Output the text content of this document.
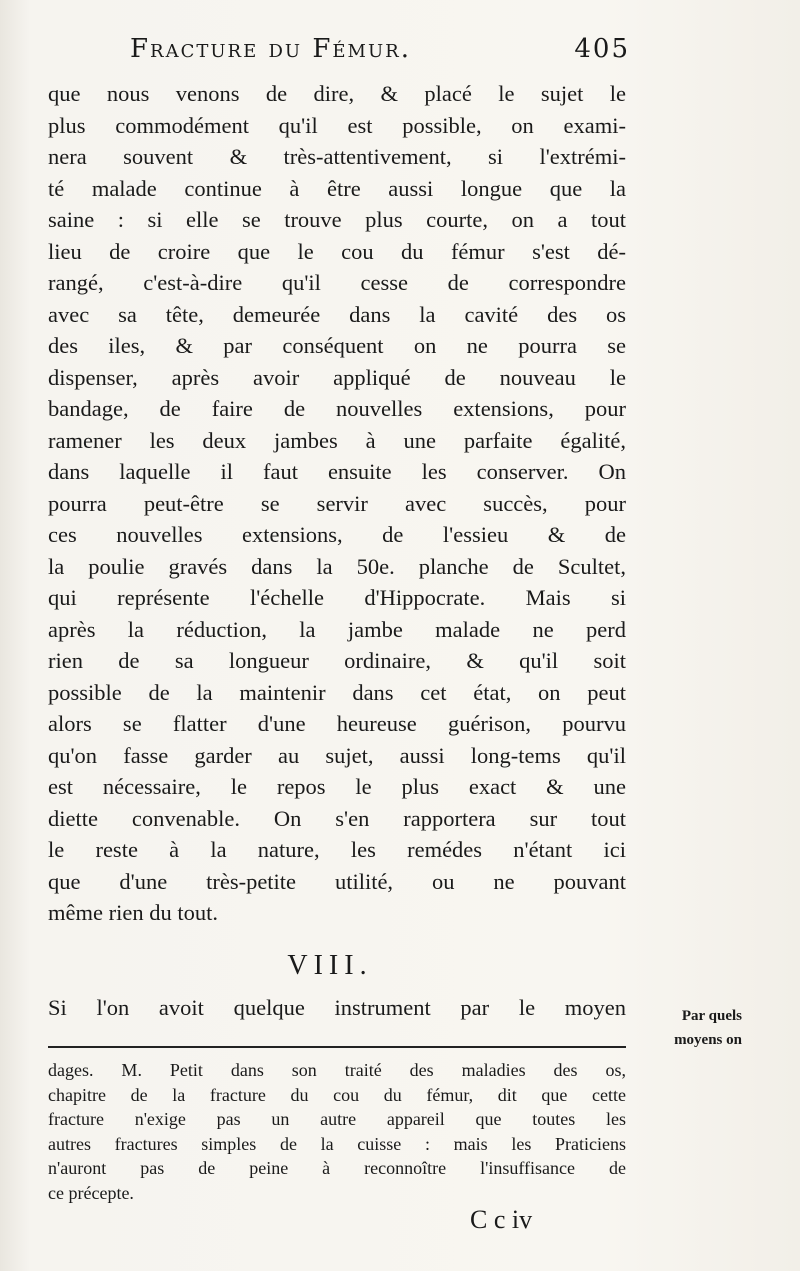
Fracture du Fémur.	405
que nous venons de dire, & placé le sujet le
plus commodément qu'il est possible, on exami-
nera souvent & très-attentivement, si l'extrémi-
té malade continue à être aussi longue que la
saine : si elle se trouve plus courte, on a tout
lieu de croire que le cou du fémur s'est dé-
rangé, c'est-à-dire qu'il cesse de correspondre
avec sa tête, demeurée dans la cavité des os
des iles, & par conséquent on ne pourra se
dispenser, après avoir appliqué de nouveau le
bandage, de faire de nouvelles extensions, pour
ramener les deux jambes à une parfaite égalité,
dans laquelle il faut ensuite les conserver. On
pourra peut-être se servir avec succès, pour
ces nouvelles extensions, de l'essieu & de
la poulie gravés dans la 50e. planche de Scultet,
qui représente l'échelle d'Hippocrate. Mais si
après la réduction, la jambe malade ne perd
rien de sa longueur ordinaire, & qu'il soit
possible de la maintenir dans cet état, on peut
alors se flatter d'une heureuse guérison, pourvu
qu'on fasse garder au sujet, aussi long-tems qu'il
est nécessaire, le repos le plus exact & une
diette convenable. On s'en rapportera sur tout
le reste à la nature, les remédes n'étant ici
que d'une très-petite utilité, ou ne pouvant
même rien du tout.
VIII.
Si l'on avoit quelque instrument par le moyen	Par quels
moyens on
dages. M. Petit dans son traité des maladies des os,
chapitre de la fracture du cou du fémur, dit que cette
fracture n'exige pas un autre appareil que toutes les
autres fractures simples de la cuisse : mais les Praticiens
n'auront pas de peine à reconnoître l'insuffisance de
ce précepte.
C c iv
